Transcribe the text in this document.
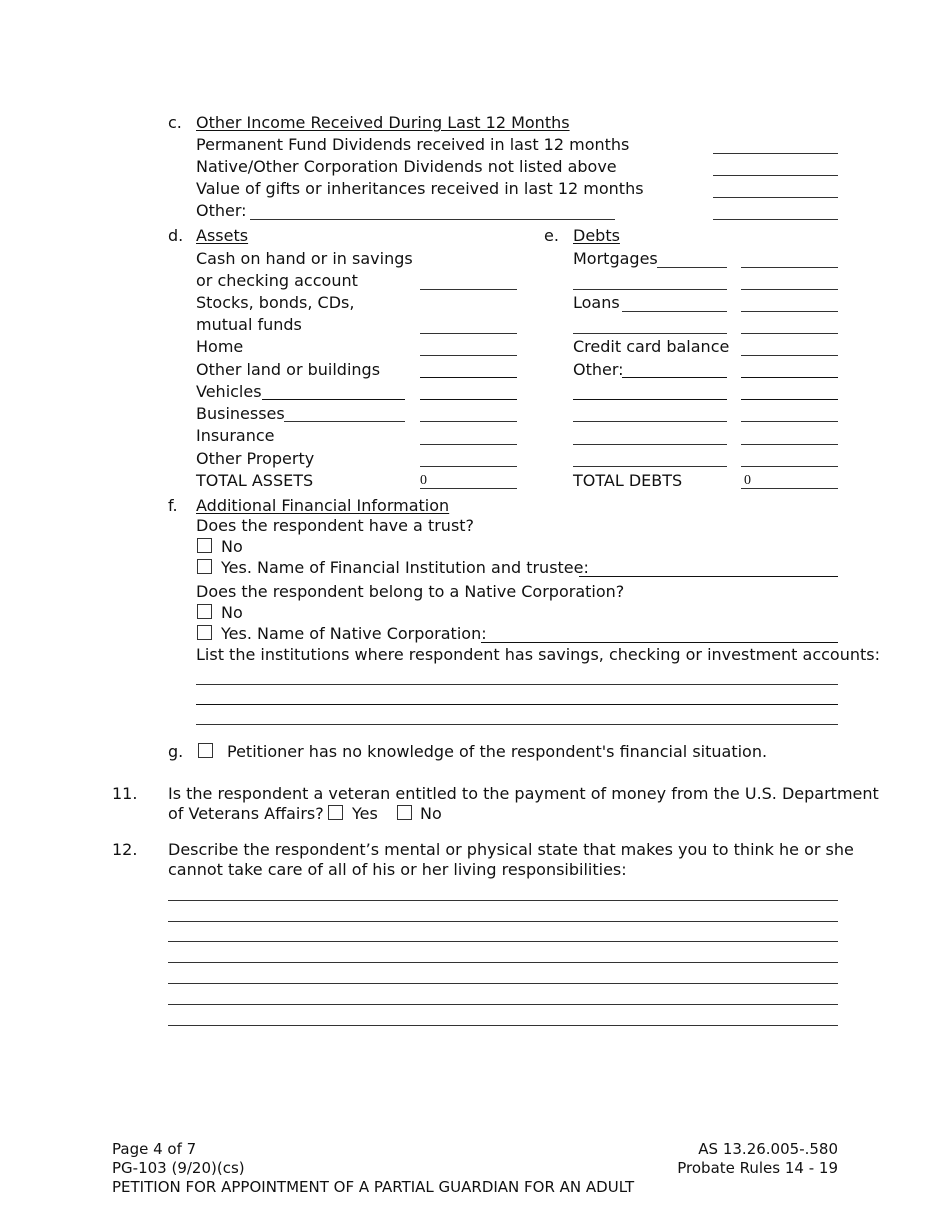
c. Other Income Received During Last 12 Months
Permanent Fund Dividends received in last 12 months
Native/Other Corporation Dividends not listed above
Value of gifts or inheritances received in last 12 months
Other:
d. Assets
Cash on hand or in savings
or checking account
Stocks, bonds, CDs,
mutual funds
Home
Other land or buildings
Vehicles
Businesses
Insurance
Other Property
TOTAL ASSETS	0
e. Debts
Mortgages
Loans
Credit card balance
Other:
TOTAL DEBTS	0
f. Additional Financial Information
Does the respondent have a trust?
No
Yes. Name of Financial Institution and trustee:
Does the respondent belong to a Native Corporation?
No
Yes. Name of Native Corporation:
List the institutions where respondent has savings, checking or investment accounts:
g.	Petitioner has no knowledge of the respondent's financial situation.
11. Is the respondent a veteran entitled to the payment of money from the U.S. Department
of Veterans Affairs? Yes	No
12. Describe the respondent’s mental or physical state that makes you to think he or she
cannot take care of all of his or her living responsibilities:
Page 4 of 7
PG-103 (9/20)(cs)
PETITION FOR APPOINTMENT OF A PARTIAL GUARDIAN FOR AN ADULT
AS 13.26.005-.580
Probate Rules 14 - 19
